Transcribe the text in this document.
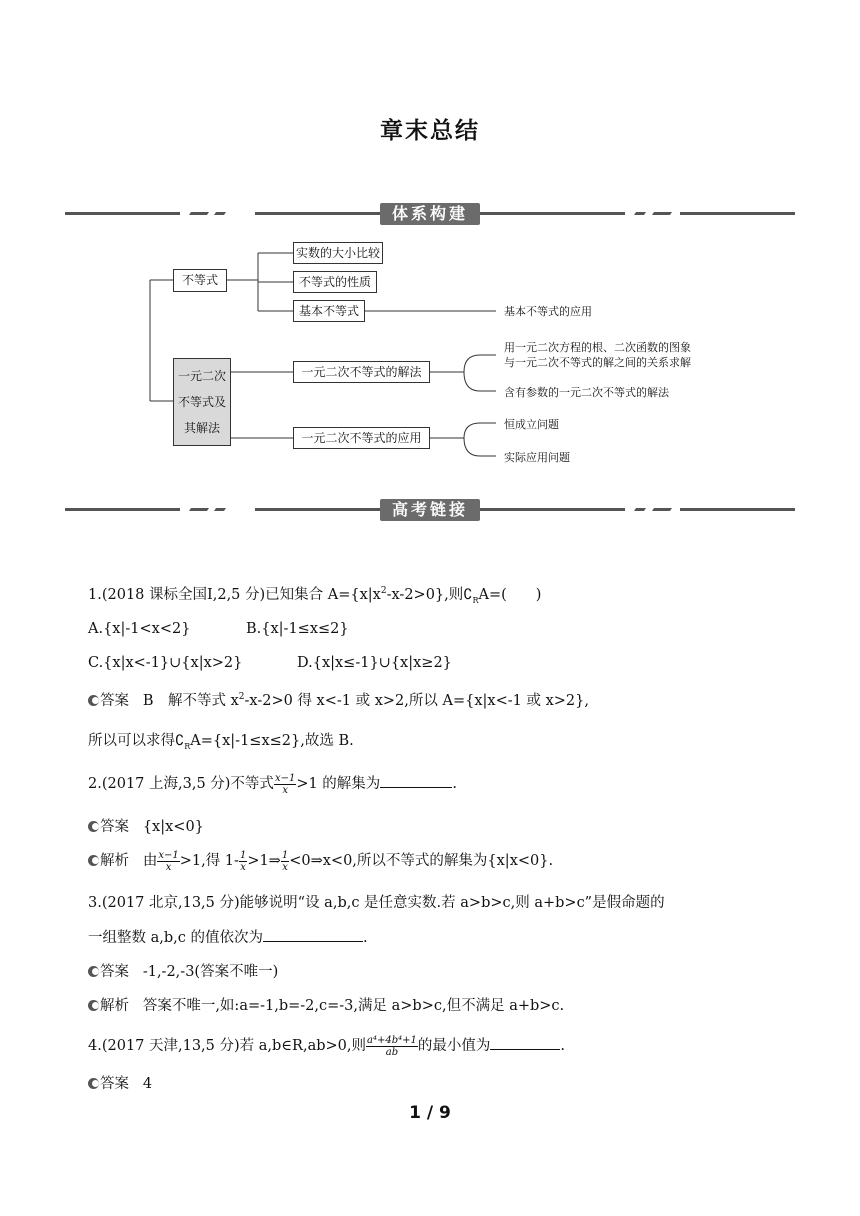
章末总结
体系构建
不等式
实数的大小比较
不等式的性质
基本不等式
一元二次
不等式及
其解法
一元二次不等式的解法
一元二次不等式的应用
基本不等式的应用
用一元二次方程的根、二次函数的图象
与一元二次不等式的解之间的关系求解
含有参数的一元二次不等式的解法
恒成立问题
实际应用问题
高考链接
1.(2018 课标全国Ⅰ,2,5 分)已知集合 $A=\{x|x^2-x-2>0\}$,则$∁_RA=$(　　)
A.{x|-1<x<2}	B.{x|-1≤x≤2}
C.{x|x<-1}∪{x|x>2}	D.{x|x≤-1}∪{x|x≥2}
答案 B　解不等式 $x^2-x-2>0$ 得 x<-1 或 x>2,所以 A={x|x<-1 或 x>2},
所以可以求得$∁_RA=\{x|-1\le x\le 2\}$,故选 B.
2.(2017 上海,3,5 分)不等式 $\frac{x-1}{x} >1$ 的解集为	.
答案 {x|x<0}
解析 由 $\frac{x-1}{x} >1$,得 $1- \frac{1}{x}$ >1⇒ $\frac{1}{x}$ <0⇒x<0,所以不等式的解集为{x|x<0}.
3.(2017 北京,13,5 分)能够说明“设 a,b,c 是任意实数.若 a>b>c,则 a+b>c”是假命题的
一组整数 a,b,c 的值依次为	.
答案 -1,-2,-3(答案不唯一)
解析 答案不唯一,如:a=-1,b=-2,c=-3,满足 a>b>c,但不满足 a+b>c.
4.(2017 天津,13,5 分)若 a,b∈R,ab>0,则 $\frac{\text{a⁴+4b⁴+1}}{ab}$ 的最小值为	.
答案 4
1 / 9
